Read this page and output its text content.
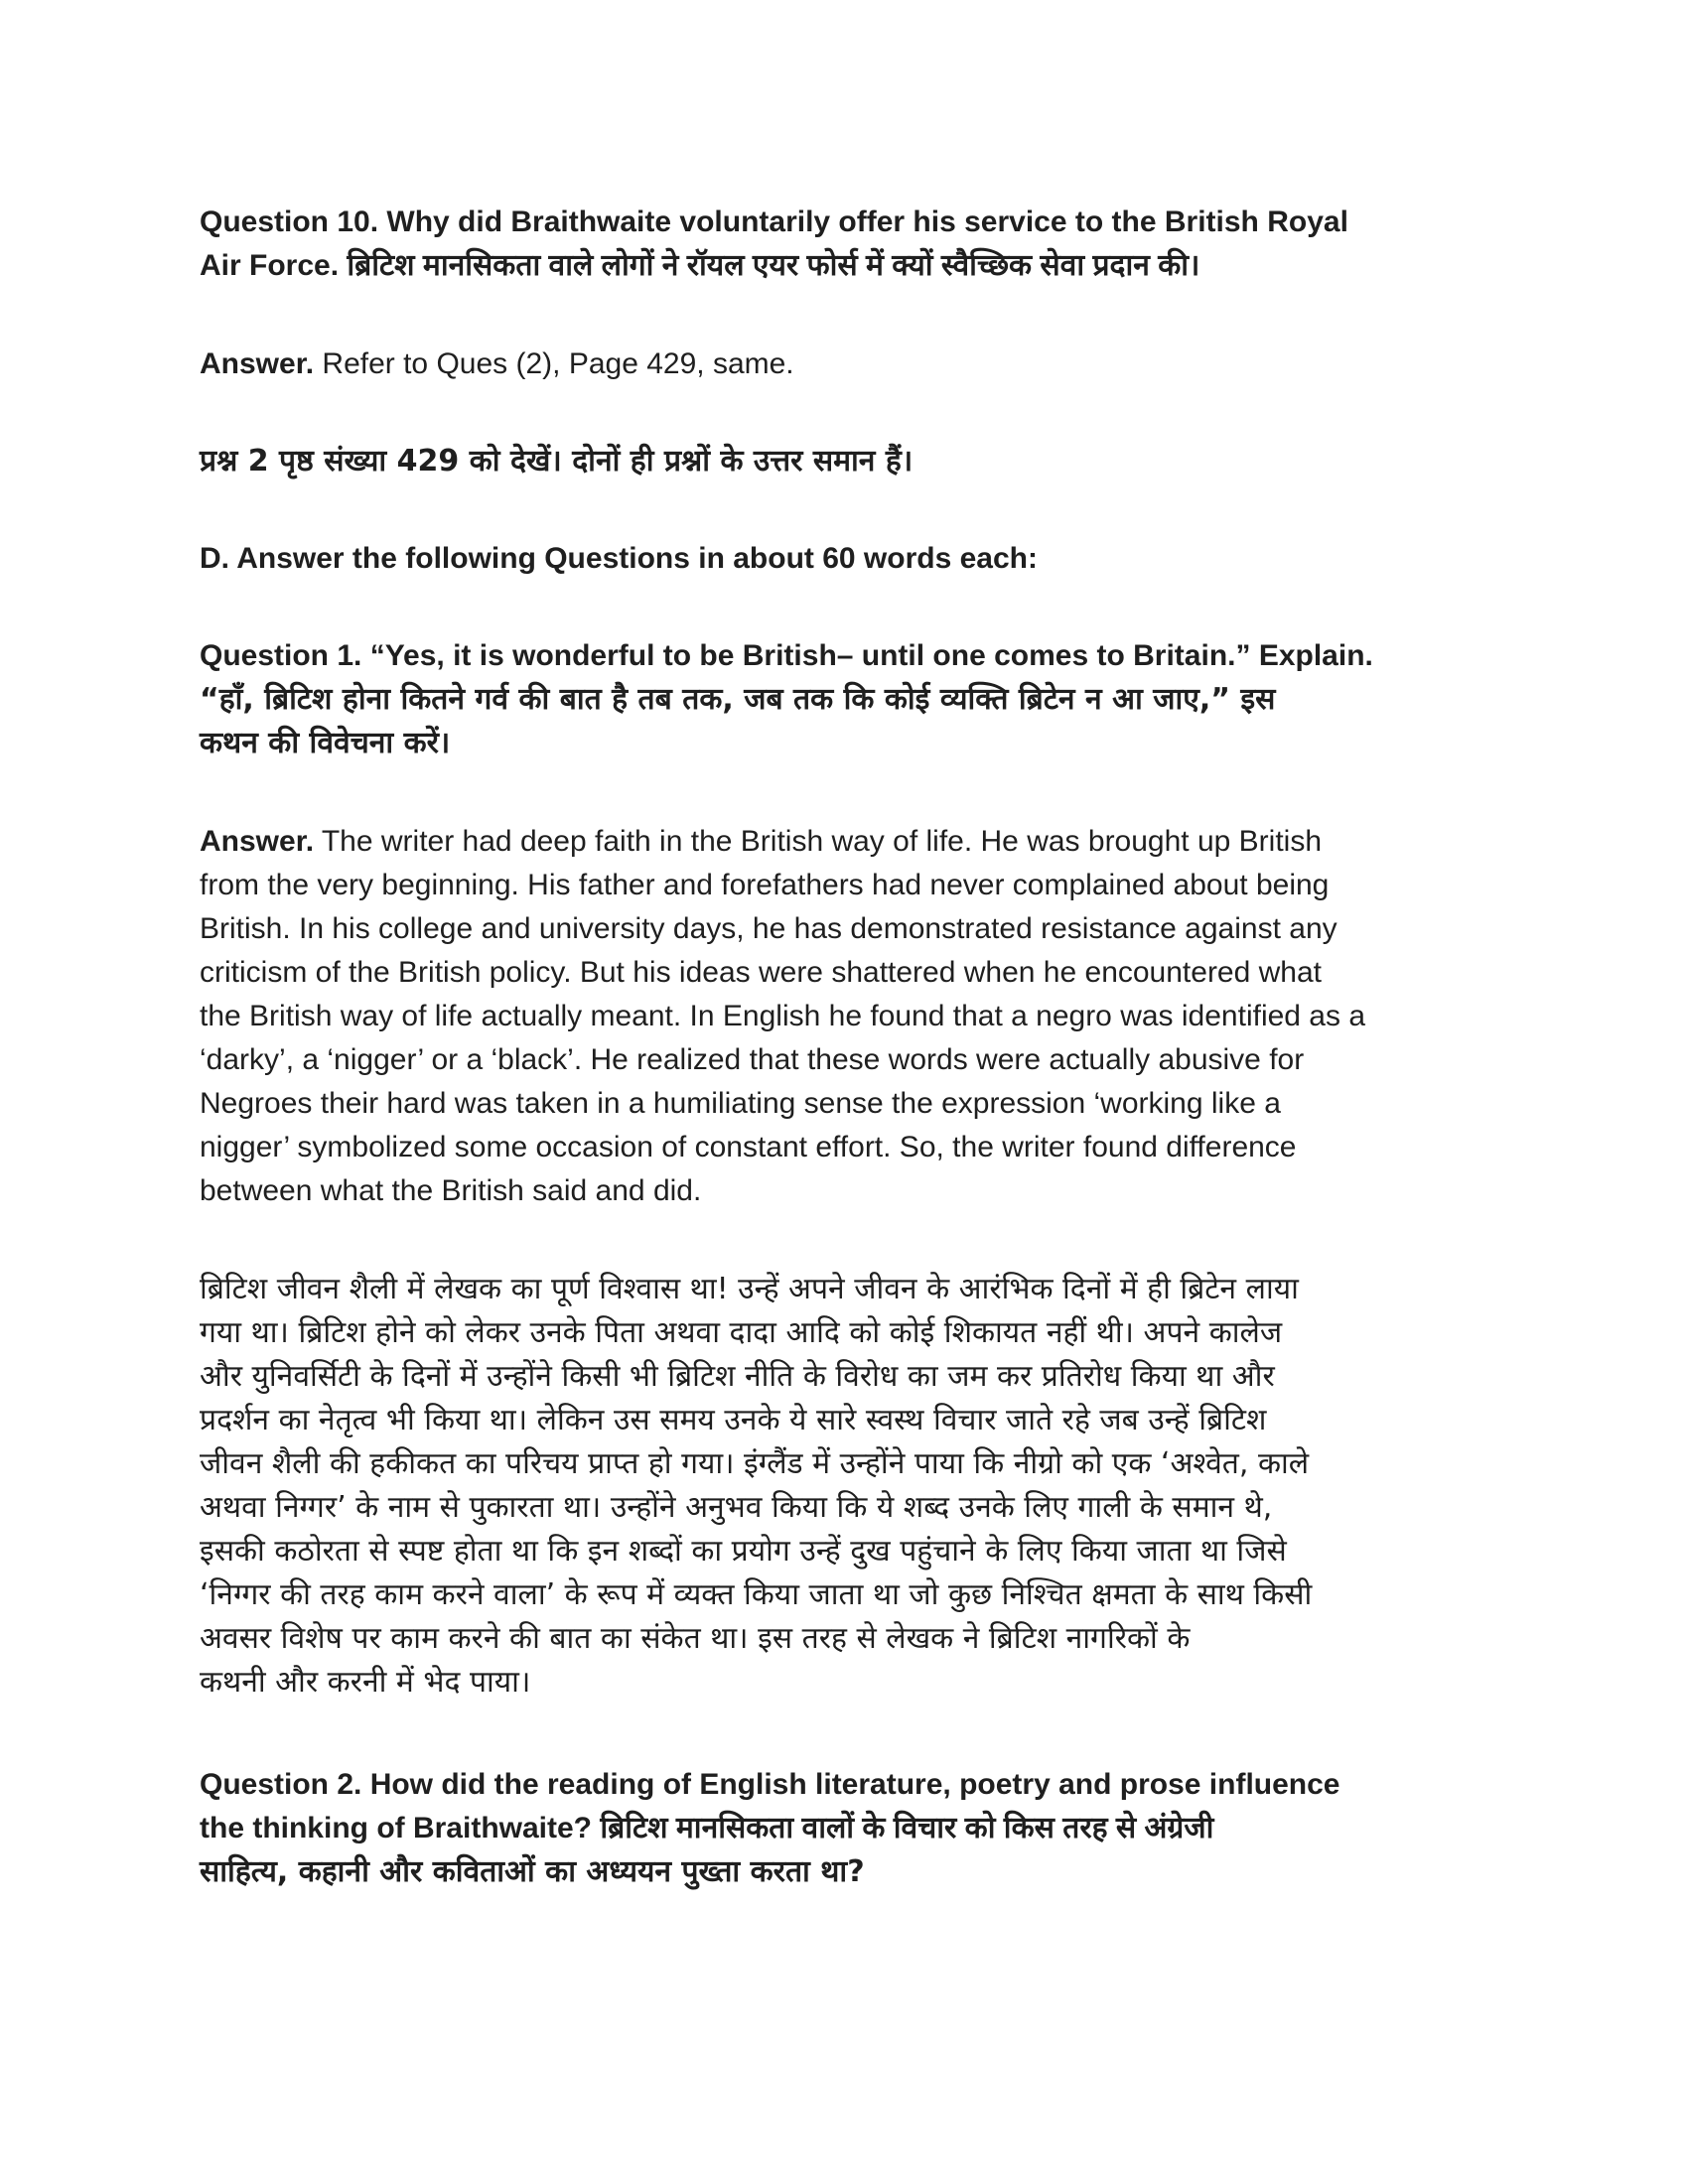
Question 10. Why did Braithwaite voluntarily offer his service to the British Royal
Air Force. ब्रिटिश मानसिकता वाले लोगों ने रॉयल एयर फोर्स में क्यों स्वैच्छिक सेवा प्रदान की।
Answer. Refer to Ques (2), Page 429, same.
प्रश्न 2 पृष्ठ संख्या 429 को देखें। दोनों ही प्रश्नों के उत्तर समान हैं।
D. Answer the following Questions in about 60 words each:
Question 1. “Yes, it is wonderful to be British– until one comes to Britain.” Explain.
“हाँ, ब्रिटिश होना कितने गर्व की बात है तब तक, जब तक कि कोई व्यक्ति ब्रिटेन न आ जाए,” इस
कथन की विवेचना करें।
Answer. The writer had deep faith in the British way of life. He was brought up British
from the very beginning. His father and forefathers had never complained about being
British. In his college and university days, he has demonstrated resistance against any
criticism of the British policy. But his ideas were shattered when he encountered what
the British way of life actually meant. In English he found that a negro was identified as a
‘darky’, a ‘nigger’ or a ‘black’. He realized that these words were actually abusive for
Negroes their hard was taken in a humiliating sense the expression ‘working like a
nigger’ symbolized some occasion of constant effort. So, the writer found difference
between what the British said and did.
ब्रिटिश जीवन शैली में लेखक का पूर्ण विश्वास था! उन्हें अपने जीवन के आरंभिक दिनों में ही ब्रिटेन लाया
गया था। ब्रिटिश होने को लेकर उनके पिता अथवा दादा आदि को कोई शिकायत नहीं थी। अपने कालेज
और युनिवर्सिटी के दिनों में उन्होंने किसी भी ब्रिटिश नीति के विरोध का जम कर प्रतिरोध किया था और
प्रदर्शन का नेतृत्व भी किया था। लेकिन उस समय उनके ये सारे स्वस्थ विचार जाते रहे जब उन्हें ब्रिटिश
जीवन शैली की हकीकत का परिचय प्राप्त हो गया। इंग्लैंड में उन्होंने पाया कि नीग्रो को एक ‘अश्वेत, काले
अथवा निग्गर’ के नाम से पुकारता था। उन्होंने अनुभव किया कि ये शब्द उनके लिए गाली के समान थे,
इसकी कठोरता से स्पष्ट होता था कि इन शब्दों का प्रयोग उन्हें दुख पहुंचाने के लिए किया जाता था जिसे
‘निग्गर की तरह काम करने वाला’ के रूप में व्यक्त किया जाता था जो कुछ निश्चित क्षमता के साथ किसी
अवसर विशेष पर काम करने की बात का संकेत था। इस तरह से लेखक ने ब्रिटिश नागरिकों के
कथनी और करनी में भेद पाया।
Question 2. How did the reading of English literature, poetry and prose influence
the thinking of Braithwaite? ब्रिटिश मानसिकता वालों के विचार को किस तरह से अंग्रेजी
साहित्य, कहानी और कविताओं का अध्ययन पुख्ता करता था?
